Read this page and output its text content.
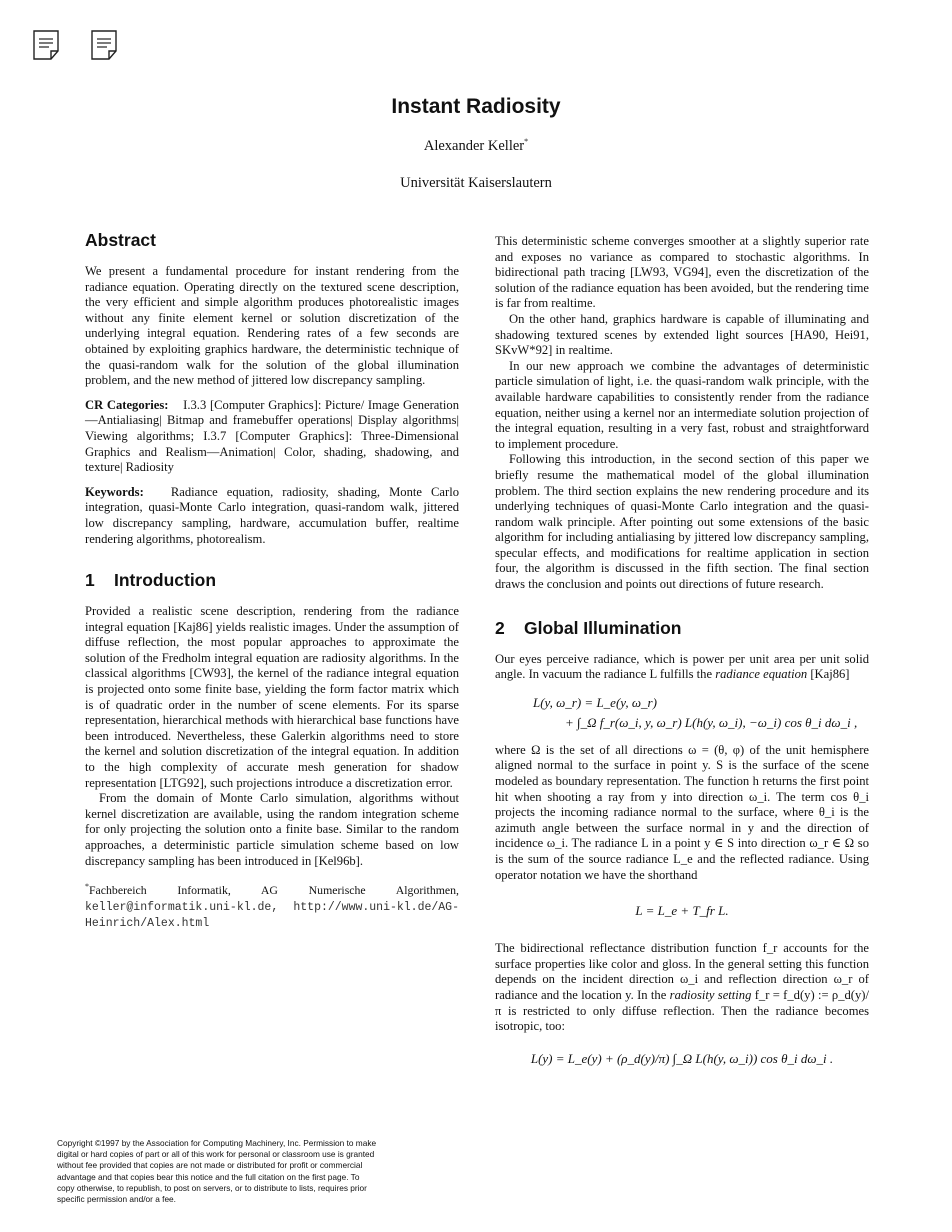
Instant Radiosity
Alexander Keller*
Universität Kaiserslautern
Abstract

We present a fundamental procedure for instant rendering from the radiance equation. Operating directly on the textured scene description, the very efficient and simple algorithm produces photorealistic images without any finite element kernel or solution discretization of the underlying integral equation. Rendering rates of a few seconds are obtained by exploiting graphics hardware, the deterministic technique of the quasi-random walk for the solution of the global illumination problem, and the new method of jittered low discrepancy sampling.

CR Categories: I.3.3 [Computer Graphics]: Picture/ Image Generation—Antialiasing| Bitmap and framebuffer operations| Display algorithms| Viewing algorithms; I.3.7 [Computer Graphics]: Three-Dimensional Graphics and Realism—Animation| Color, shading, shadowing, and texture| Radiosity

Keywords: Radiance equation, radiosity, shading, Monte Carlo integration, quasi-Monte Carlo integration, quasi-random walk, jittered low discrepancy sampling, hardware, accumulation buffer, realtime rendering algorithms, photorealism.

1 Introduction

Provided a realistic scene description, rendering from the radiance integral equation [Kaj86] yields realistic images. Under the assumption of diffuse reflection, the most popular approaches to approximate the solution of the Fredholm integral equation are radiosity algorithms. In the classical algorithms [CW93], the kernel of the radiance integral equation is projected onto some finite base, yielding the form factor matrix which is of quadratic order in the number of scene elements. For its sparse representation, hierarchical methods with hierarchical base functions have been introduced. Nevertheless, these Galerkin algorithms need to store the kernel and solution discretization of the integral equation. In addition to the high complexity of accurate mesh generation for shadow representation [LTG92], such projections introduce a discretization error.

From the domain of Monte Carlo simulation, algorithms without kernel discretization are available, using the random integration scheme for only projecting the solution onto a finite base. Similar to the random approaches, a deterministic particle simulation scheme based on low discrepancy sampling has been introduced in [Kel96b].

*Fachbereich Informatik, AG Numerische Algorithmen, keller@informatik.uni-kl.de, http://www.uni-kl.de/AG-Heinrich/Alex.html

This deterministic scheme converges smoother at a slightly superior rate and exposes no variance as compared to stochastic algorithms. In bidirectional path tracing [LW93, VG94], even the discretization of the solution of the radiance equation has been avoided, but the rendering time is far from realtime.

On the other hand, graphics hardware is capable of illuminating and shadowing textured scenes by extended light sources [HA90, Hei91, SKvW*92] in realtime.

In our new approach we combine the advantages of deterministic particle simulation of light, i.e. the quasi-random walk principle, with the available hardware capabilities to consistently render from the radiance equation, neither using a kernel nor an intermediate solution projection of the integral equation, resulting in a very fast, robust and straightforward to implement procedure.

Following this introduction, in the second section of this paper we briefly resume the mathematical model of the global illumination problem. The third section explains the new rendering procedure and its underlying techniques of quasi-Monte Carlo integration and the quasi-random walk principle. After pointing out some extensions of the basic algorithm for including antialiasing by jittered low discrepancy sampling, specular effects, and modifications for realtime application in section four, the algorithm is discussed in the fifth section. The final section draws the conclusion and points out directions of future research.

2 Global Illumination

Our eyes perceive radiance, which is power per unit area per unit solid angle. In vacuum the radiance L fulfills the radiance equation [Kaj86]

L(y, ω_r) = L_e(y, ω_r)
+ ∫_Ω f_r(ω_i, y, ω_r) L(h(y, ω_i), −ω_i) cos θ_i dω_i ,

where Ω is the set of all directions ω = (θ, φ) of the unit hemisphere aligned normal to the surface in point y. S is the surface of the scene modeled as boundary representation. The function h returns the first point hit when shooting a ray from y into direction ω_i. The term cos θ_i projects the incoming radiance normal to the surface, where θ_i is the azimuth angle between the surface normal in y and the direction of incidence ω_i. The radiance L in a point y ∈ S into direction ω_r ∈ Ω so is the sum of the source radiance L_e and the reflected radiance. Using operator notation we have the shorthand

L = L_e + T_fr L.

The bidirectional reflectance distribution function f_r accounts for the surface properties like color and gloss. In the general setting this function depends on the incident direction ω_i and reflection direction ω_r of radiance and the location y. In the radiosity setting f_r = f_d(y) := ρ_d(y)/π is restricted to only diffuse reflection. Then the radiance becomes isotropic, too:

L(y) = L_e(y) + (ρ_d(y)/π) ∫_Ω L(h(y, ω_i)) cos θ_i dω_i .
Copyright ©1997 by the Association for Computing Machinery, Inc. Permission to make digital or hard copies of part or all of this work for personal or classroom use is granted without fee provided that copies are not made or distributed for profit or commercial advantage and that copies bear this notice and the full citation on the first page. To copy otherwise, to republish, to post on servers, or to distribute to lists, requires prior specific permission and/or a fee.
